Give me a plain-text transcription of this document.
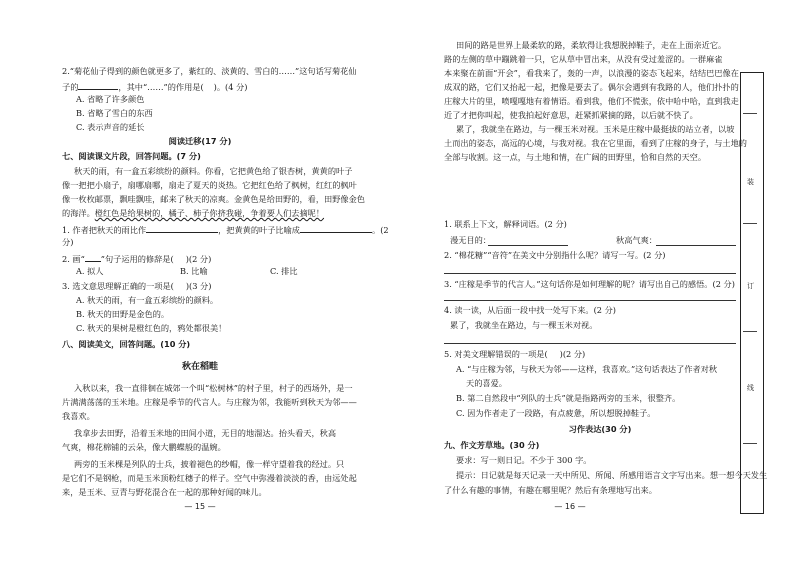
2.“菊花仙子得到的颜色就更多了，紫红的、淡黄的、雪白的……”这句话写菊花仙
子的	，其中“……”的作用是( )。(4 分)
A. 省略了许多颜色
B. 省略了雪白的东西
C. 表示声音的延长
阅读迁移(17 分)
七、阅读课文片段，回答问题。(7 分)
秋天的雨，有一盒五彩缤纷的颜料。你看，它把黄色给了银杏树，黄黄的叶子
像一把把小扇子，扇哪扇哪，扇走了夏天的炎热。它把红色给了枫树，红红的枫叶
像一枚枚邮票，飘哇飘哇，邮来了秋天的凉爽。金黄色是给田野的，看，田野像金色
的海洋。橙红色是给果树的，橘子、柿子你挤我碰，争着要人们去摘呢！
1. 作者把秋天的雨比作	，把黄黄的叶子比喻成	。(2
分)
2. 画“ ”句子运用的修辞是( )(2 分)
A. 拟人	B. 比喻	C. 排比
3. 选文意思理解正确的一项是( )(3 分)
A. 秋天的雨，有一盒五彩缤纷的颜料。
B. 秋天的田野是金色的。
C. 秋天的果树是橙红色的，鸦处都很美！
八、阅读美文，回答问题。(10 分)
秋在稻畦
入秋以来，我一直徘徊在城郊一个叫“松树林”的村子里，村子的西场外，是一
片满满荡荡的玉米地。庄稼是季节的代言人。与庄稼为邻，我能听到秋天为邻——
我喜欢。
我拿步去田野，沿着玉米地的田间小道，无目的地溜达。抬头看天，秋高
气爽，棉花棉铺的云朵，像大鹏蝶般的温婉。
两旁的玉米棵是列队的士兵，披着褪色的纱帽，像一样守望着我的经过。只
是它们不是钢枪，而是玉米顶粉红穗子的样子。空气中弥漫着淡淡的香，由远处起
来，是玉米、豆青与野花混合在一起的那种好闻的味儿。
— 15 —
田间的路是世界上最柔软的路，柔软得让我想脱掉鞋子，走在上面亲近它。
路的左侧的草中蹦跳着一只，它从草中冒出来，从没有受过羞涩的。一群麻雀
本来聚在前面“开会”，看我来了，轰的一声，以浪漫的姿态飞起来，结结巴巴像在
成双的路，它们又抬起一起，把像是要去了。偶尔会遇到有我路的人，他们扑扑的
庄稼大片的里，喷嘎嘎地有着情语。看到我，他们不慌张，依中哈中哈，直到我走
近了才把你叫起，使我拍起好意思，赶紧抓紧摘的路，以后就不快了。
累了，我就坐在路边，与一棵玉米对视。玉米是庄稼中最挺拔的站立者，以坡
土而出的姿态，高远的心境，与我对视。我在它里面，看到了庄稼的身子，与土地的
全部与收割。这一点，与土地和情，在广阔的田野里，恰和自然的天空。
1. 联系上下文，解释词语。(2 分)
漫无目的：	秋高气爽：
2. “棉花糖”“音符”在美文中分别指什么呢？请写一写。(2 分)
3. “庄稼是季节的代言人。”这句话你是如何理解的呢？请写出自己的感悟。(2 分)
4. 读一读，从后面一段中找一处写下来。(2 分)
累了，我就坐在路边，与一棵玉米对视。
5. 对美文理解错误的一项是( )(2 分)
A. “与庄稼为邻，与秋天为邻——这样，我喜欢。”这句话表达了作者对秋
天的喜爱。
B. 第二自然段中“列队的士兵”就是指路两旁的玉米，很整齐。
C. 因为作者走了一段路，有点疲惫，所以想脱掉鞋子。
习作表达(30 分)
九、作文芳草地。(30 分)
要求：写一则日记。不少于 300 字。
提示：日记就是每天记录一天中所见、所闻、所感用语言文字写出来。想一想今天发生
了什么有趣的事情，有趣在哪里呢？然后有条理地写出来。
— 16 —
装
订
线
